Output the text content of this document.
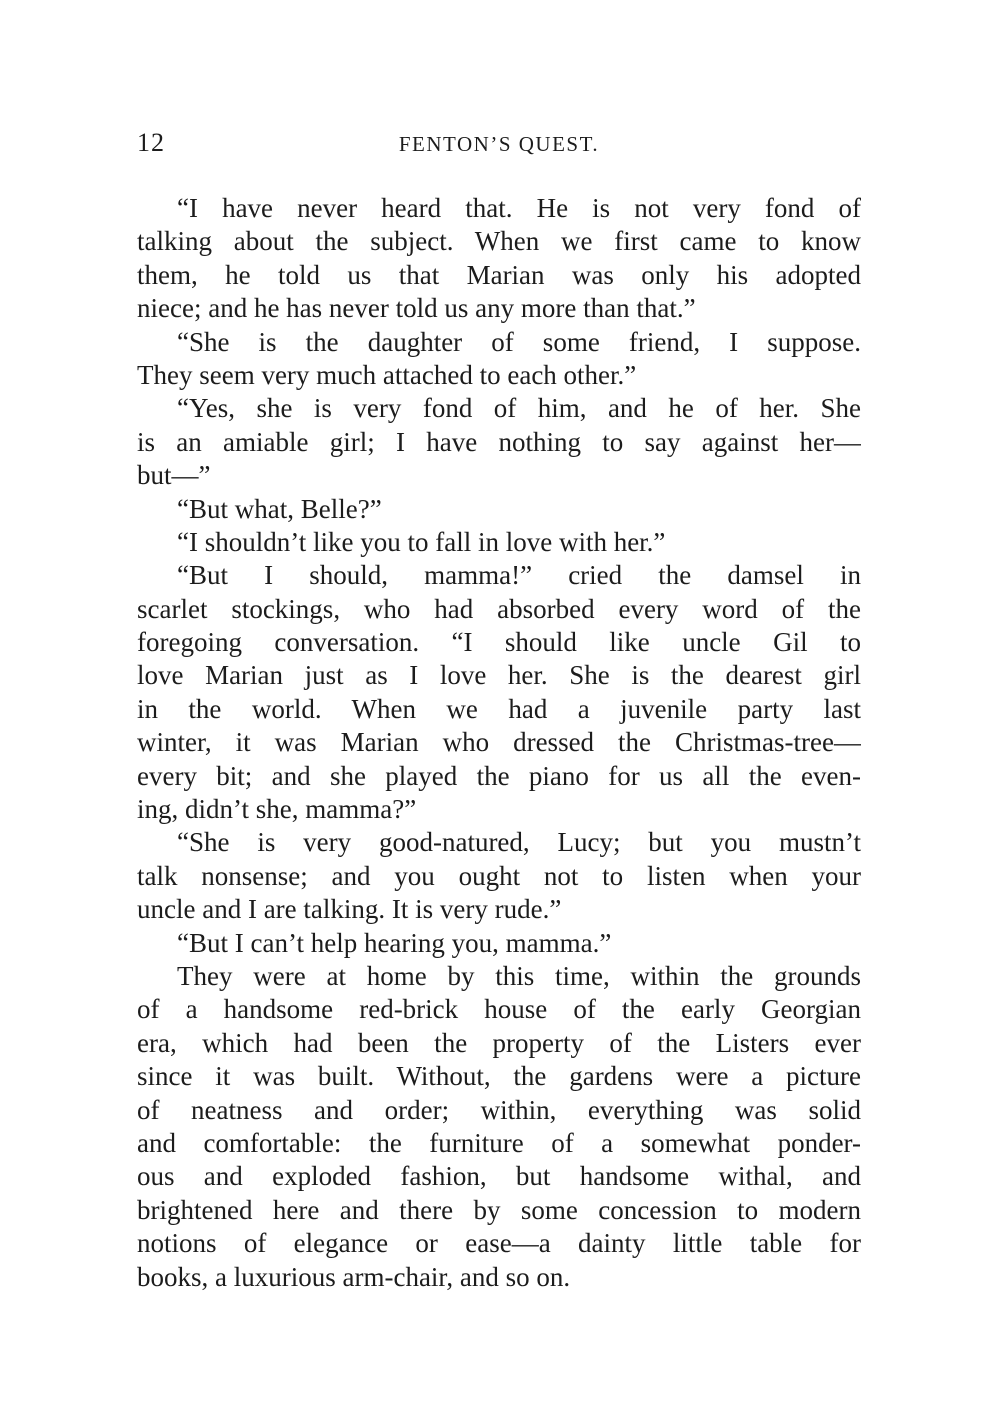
12	FENTON’S QUEST.
“I have never heard that. He is not very fond of
talking about the subject. When we first came to know
them, he told us that Marian was only his adopted
niece; and he has never told us any more than that.”
“She is the daughter of some friend, I suppose.
They seem very much attached to each other.”
“Yes, she is very fond of him, and he of her. She
is an amiable girl; I have nothing to say against her—
but—”
“But what, Belle?”
“I shouldn’t like you to fall in love with her.”
“But I should, mamma!” cried the damsel in
scarlet stockings, who had absorbed every word of the
foregoing conversation. “I should like uncle Gil to
love Marian just as I love her. She is the dearest girl
in the world. When we had a juvenile party last
winter, it was Marian who dressed the Christmas-tree—
every bit; and she played the piano for us all the even-
ing, didn’t she, mamma?”
“She is very good-natured, Lucy; but you mustn’t
talk nonsense; and you ought not to listen when your
uncle and I are talking. It is very rude.”
“But I can’t help hearing you, mamma.”
They were at home by this time, within the grounds
of a handsome red-brick house of the early Georgian
era, which had been the property of the Listers ever
since it was built. Without, the gardens were a picture
of neatness and order; within, everything was solid
and comfortable: the furniture of a somewhat ponder-
ous and exploded fashion, but handsome withal, and
brightened here and there by some concession to modern
notions of elegance or ease—a dainty little table for
books, a luxurious arm-chair, and so on.
